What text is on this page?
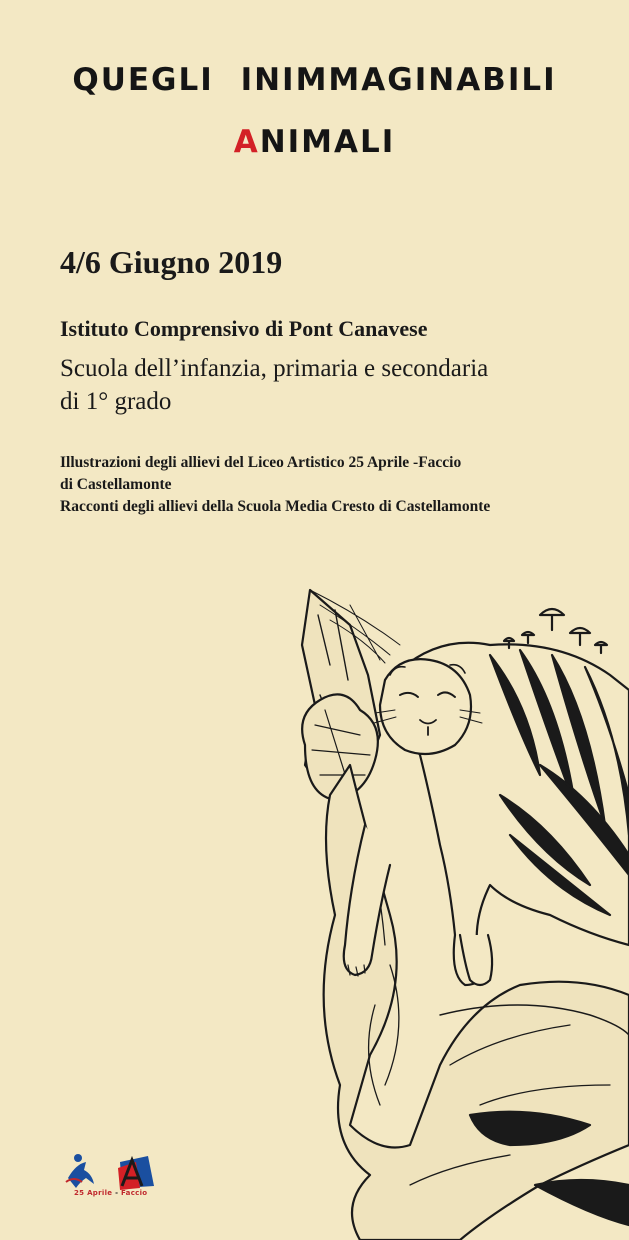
QUEGLI INIMMAGINABILI
ANIMALI
4/6 Giugno 2019
Istituto Comprensivo di Pont Canavese
Scuola dell’infanzia, primaria e secondaria
di 1° grado
Illustrazioni degli allievi del Liceo Artistico 25 Aprile -Faccio
di Castellamonte
Racconti degli allievi della Scuola Media Cresto di Castellamonte
25 Aprile - Faccio
